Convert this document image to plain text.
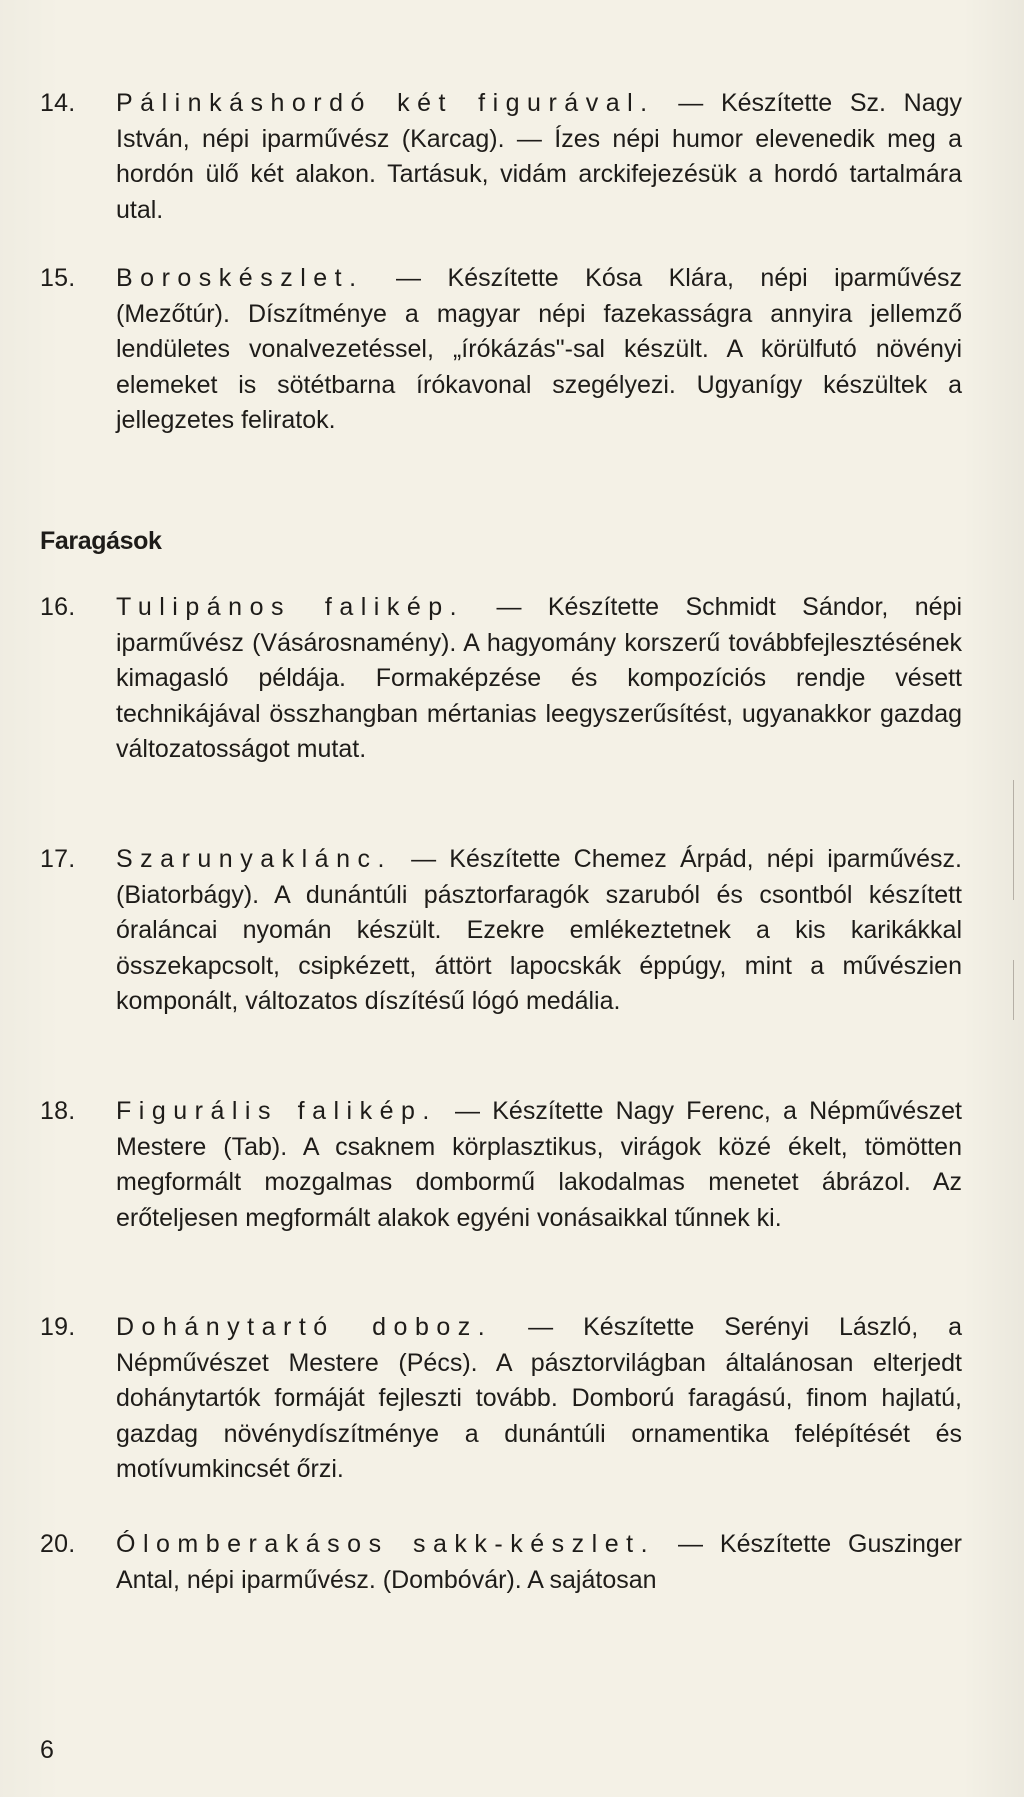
14.	Pálinkáshordó két figurával. — Készítette Sz. Nagy István, népi iparművész (Karcag). — Ízes népi humor elevenedik meg a hordón ülő két alakon. Tartásuk, vidám arckifejezésük a hordó tartalmára utal.
15.	Boroskészlet. — Készítette Kósa Klára, népi iparművész (Mezőtúr). Díszítménye a magyar népi fazekasságra annyira jellemző lendületes vonalvezetéssel, „írókázás"-sal készült. A körülfutó növényi elemeket is sötétbarna írókavonal szegélyezi. Ugyanígy készültek a jellegzetes feliratok.
Faragások
16.	Tulipános falikép. — Készítette Schmidt Sándor, népi iparművész (Vásárosnamény). A hagyomány korszerű továbbfejlesztésének kimagasló példája. Formaképzése és kompozíciós rendje vésett technikájával összhangban mértanias leegyszerűsítést, ugyanakkor gazdag változatosságot mutat.
17.	Szarunyaklánc. — Készítette Chemez Árpád, népi iparművész. (Biatorbágy). A dunántúli pásztorfaragók szaruból és csontból készített óraláncai nyomán készült. Ezekre emlékeztetnek a kis karikákkal összekapcsolt, csipkézett, áttört lapocskák éppúgy, mint a művészien komponált, változatos díszítésű lógó medália.
18.	Figurális falikép. — Készítette Nagy Ferenc, a Népművészet Mestere (Tab). A csaknem körplasztikus, virágok közé ékelt, tömötten megformált mozgalmas dombormű lakodalmas menetet ábrázol. Az erőteljesen megformált alakok egyéni vonásaikkal tűnnek ki.
19.	Dohánytartó doboz. — Készítette Serényi László, a Népművészet Mestere (Pécs). A pásztorvilágban általánosan elterjedt dohánytartók formáját fejleszti tovább. Domború faragású, finom hajlatú, gazdag növénydíszítménye a dunántúli ornamentika felépítését és motívumkincsét őrzi.
20.	Ólomberakásos sakk-készlet. — Készítette Guszinger Antal, népi iparművész. (Dombóvár). A sajátosan
6
